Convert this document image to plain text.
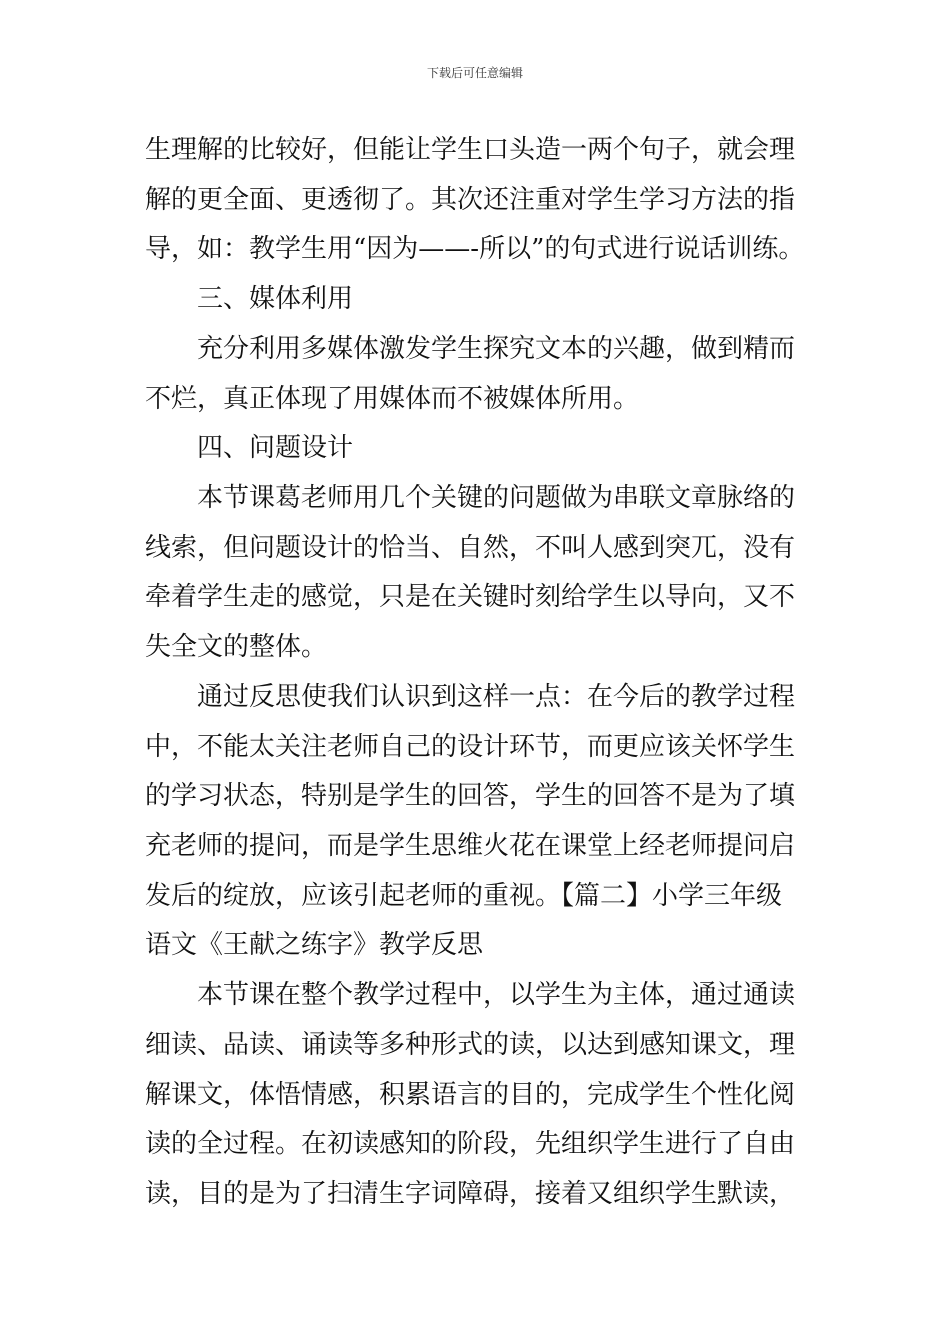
下载后可任意编辑
生理解的比较好，但能让学生口头造一两个句子，就会理
解的更全面、更透彻了。其次还注重对学生学习方法的指
导，如：教学生用“因为——-所以”的句式进行说话训练。
三、媒体利用
充分利用多媒体激发学生探究文本的兴趣，做到精而
不烂，真正体现了用媒体而不被媒体所用。
四、问题设计
本节课葛老师用几个关键的问题做为串联文章脉络的
线索，但问题设计的恰当、自然，不叫人感到突兀，没有
牵着学生走的感觉，只是在关键时刻给学生以导向，又不
失全文的整体。
通过反思使我们认识到这样一点：在今后的教学过程
中，不能太关注老师自己的设计环节，而更应该关怀学生
的学习状态，特别是学生的回答，学生的回答不是为了填
充老师的提问，而是学生思维火花在课堂上经老师提问启
发后的绽放，应该引起老师的重视。【篇二】小学三年级
语文《王献之练字》教学反思
本节课在整个教学过程中，以学生为主体，通过通读
细读、品读、诵读等多种形式的读，以达到感知课文，理
解课文，体悟情感，积累语言的目的，完成学生个性化阅
读的全过程。在初读感知的阶段，先组织学生进行了自由
读，目的是为了扫清生字词障碍，接着又组织学生默读，
